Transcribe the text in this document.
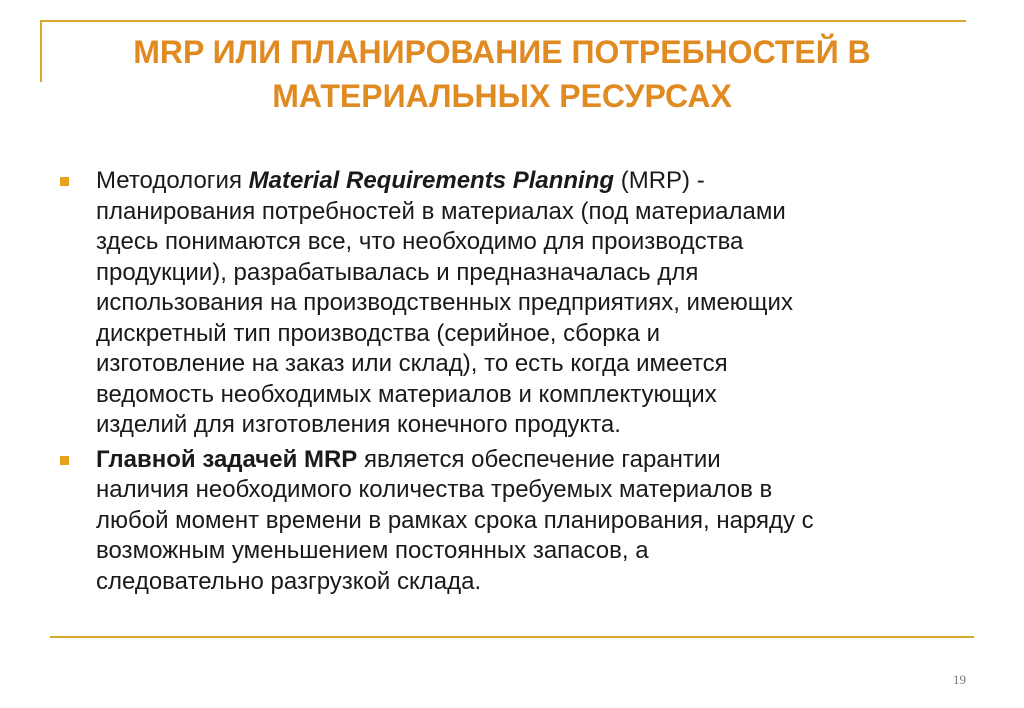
MRP ИЛИ ПЛАНИРОВАНИЕ ПОТРЕБНОСТЕЙ В
МАТЕРИАЛЬНЫХ РЕСУРСАХ
Методология Material Requirements Planning (MRP) -
планирования потребностей в материалах (под материалами
здесь понимаются все, что необходимо для производства
продукции), разрабатывалась и предназначалась для
использования на производственных предприятиях, имеющих
дискретный тип производства (серийное, сборка и
изготовление на заказ или склад), то есть когда имеется
ведомость необходимых материалов и комплектующих
изделий для изготовления конечного продукта.
Главной задачей MRP является обеспечение гарантии
наличия необходимого количества требуемых материалов в
любой момент времени в рамках срока планирования, наряду с
возможным уменьшением постоянных запасов, а
следовательно разгрузкой склада.
19
